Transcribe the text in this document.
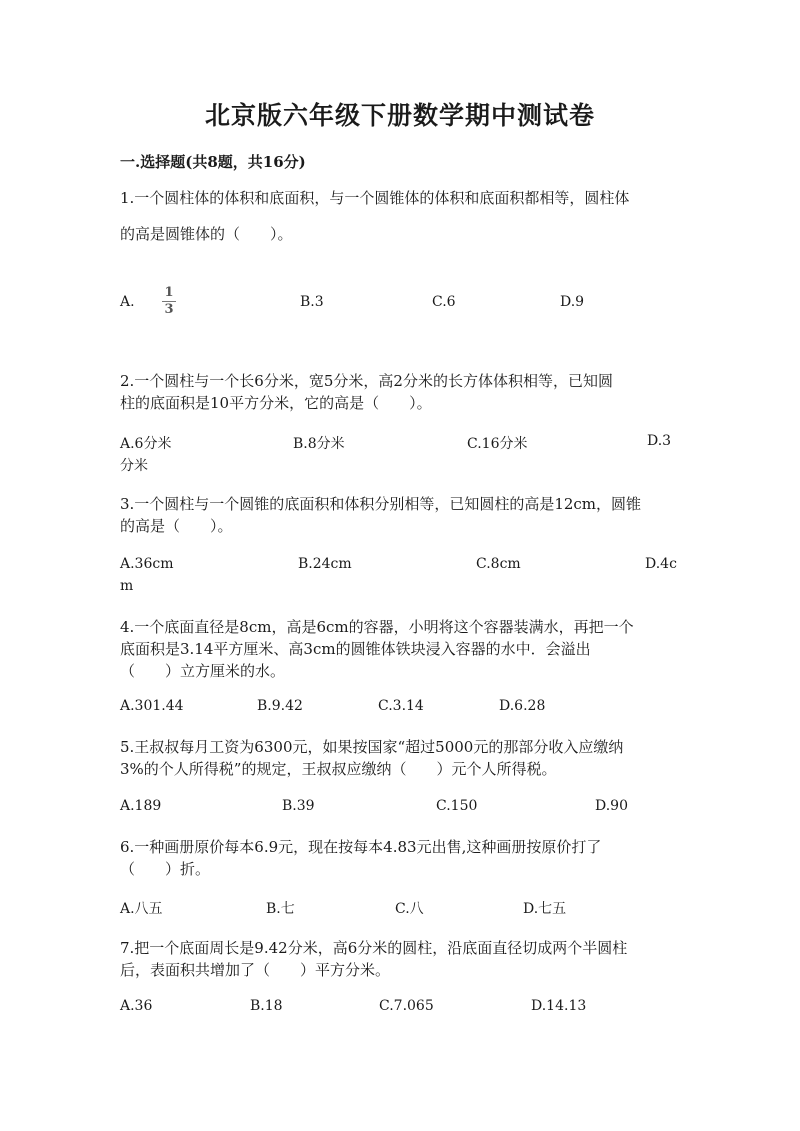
北京版六年级下册数学期中测试卷
一.选择题(共8题，共16分)
1.一个圆柱体的体积和底面积，与一个圆锥体的体积和底面积都相等，圆柱体
的高是圆锥体的（　　）。
A.
1
3	B.3	C.6	D.9
2.一个圆柱与一个长6分米，宽5分米，高2分米的长方体体积相等，已知圆
柱的底面积是10平方分米，它的高是（　　）。
A.6分米	B.8分米	C.16分米	D.3
分米
3.一个圆柱与一个圆锥的底面积和体积分别相等，已知圆柱的高是12cm，圆锥
的高是（　　）。
A.36cm	B.24cm	C.8cm	D.4c
m
4.一个底面直径是8cm，高是6cm的容器，小明将这个容器装满水，再把一个
底面积是3.14平方厘米、高3cm的圆锥体铁块浸入容器的水中．会溢出
（　　）立方厘米的水。
A.301.44	B.9.42	C.3.14	D.6.28
5.王叔叔每月工资为6300元，如果按国家“超过5000元的那部分收入应缴纳
3%的个人所得税”的规定，王叔叔应缴纳（　　）元个人所得税。
A.189	B.39	C.150	D.90
6.一种画册原价每本6.9元，现在按每本4.83元出售,这种画册按原价打了
（　　）折。
A.八五	B.七	C.八	D.七五
7.把一个底面周长是9.42分米，高6分米的圆柱，沿底面直径切成两个半圆柱
后，表面积共增加了（　　）平方分米。
A.36	B.18	C.7.065	D.14.13
